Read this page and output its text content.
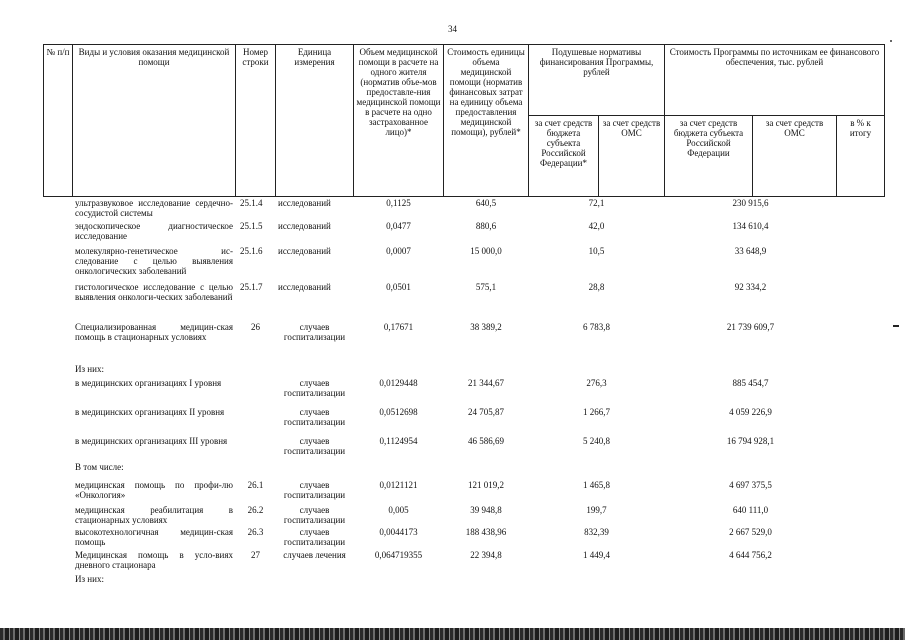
34
№ п/п	Виды и условия оказания медицинской помощи	Номер строки	Единица измерения	Объем медицинской помощи в расчете на одного жителя (норматив объе-мов предоставле-ния медицинской помощи в расчете на одно застрахованное лицо)*	Стоимость единицы объема медицинской помощи (норматив финансовых затрат на единицу объема предоставления медицинской помощи), рублей*	Подушевые нормативы финансирования Программы, рублей		Стоимость Программы по источникам ее финансового обеспечения, тыс. рублей		
						за счет средств бюджета субъекта Российской Федерации*	за счет средств ОМС	за счет средств бюджета субъекта Российской Федерации	за счет средств ОМС	в % к итогу
	ультразвуковое исследование сердечно-сосудистой системы	25.1.4	исследований	0,1125	640,5	72,1		230 915,6		
	эндоскопическое диагностическое исследование	25.1.5	исследований	0,0477	880,6	42,0		134 610,4		
	молекулярно-генетическое ис-следование с целью выявления онкологических заболеваний	25.1.6	исследований	0,0007	15 000,0	10,5		33 648,9		
	гистологическое исследование с целью выявления онкологи-ческих заболеваний	25.1.7	исследований	0,0501	575,1	28,8		92 334,2		
	Специализированная медицин-ская помощь в стационарных условиях	26	случаев госпитализации	0,17671	38 389,2	6 783,8		21 739 609,7		
	Из них:									
	в медицинских организациях I уровня		случаев госпитализации	0,0129448	21 344,67	276,3		885 454,7		
	в медицинских организациях II уровня		случаев госпитализации	0,0512698	24 705,87	1 266,7		4 059 226,9		
	в медицинских организациях III уровня		случаев госпитализации	0,1124954	46 586,69	5 240,8		16 794 928,1		
	В том числе:									
	медицинская помощь по профи-лю «Онкология»	26.1	случаев госпитализации	0,0121121	121 019,2	1 465,8		4 697 375,5		
	медицинская реабилитация в стационарных условиях	26.2	случаев госпитализации	0,005	39 948,8	199,7		640 111,0		
	высокотехнологичная медицин-ская помощь	26.3	случаев госпитализации	0,0044173	188 438,96	832,39		2 667 529,0		
	Медицинская помощь в усло-виях дневного стационара	27	случаев лечения	0,064719355	22 394,8	1 449,4		4 644 756,2		
	Из них:									
